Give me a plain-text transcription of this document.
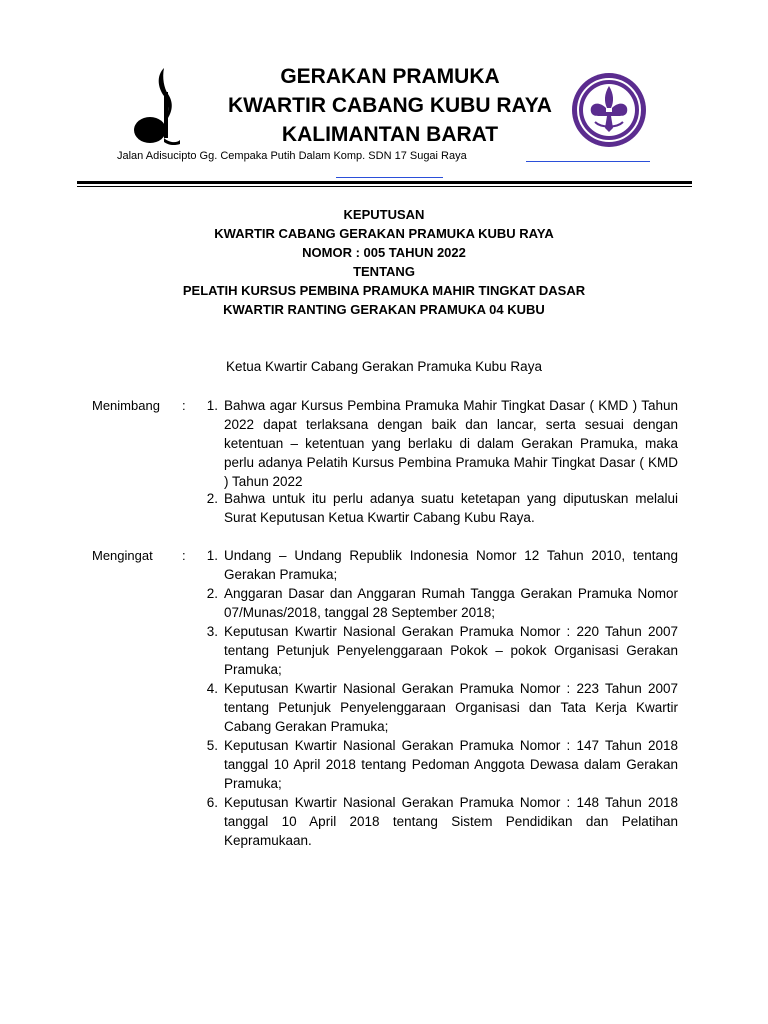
GERAKAN PRAMUKA
KWARTIR CABANG KUBU RAYA
KALIMANTAN BARAT
Jalan Adisucipto Gg. Cempaka Putih Dalam Komp. SDN 17 Sugai Raya
KEPUTUSAN
KWARTIR CABANG GERAKAN PRAMUKA KUBU RAYA
NOMOR : 005 TAHUN 2022
TENTANG
PELATIH KURSUS PEMBINA PRAMUKA MAHIR TINGKAT DASAR
KWARTIR RANTING GERAKAN PRAMUKA 04 KUBU
Ketua Kwartir Cabang Gerakan Pramuka Kubu Raya
Menimbang :	1. Bahwa agar Kursus Pembina Pramuka Mahir Tingkat Dasar ( KMD ) Tahun 2022 dapat terlaksana dengan baik dan lancar, serta sesuai dengan ketentuan – ketentuan yang berlaku di dalam Gerakan Pramuka, maka perlu adanya Pelatih Kursus Pembina Pramuka Mahir Tingkat Dasar ( KMD ) Tahun 2022
2. Bahwa untuk itu perlu adanya suatu ketetapan yang diputuskan melalui Surat Keputusan Ketua Kwartir Cabang Kubu Raya.
Mengingat :	1. Undang – Undang Republik Indonesia Nomor 12 Tahun 2010, tentang Gerakan Pramuka;
2. Anggaran Dasar dan Anggaran Rumah Tangga Gerakan Pramuka Nomor 07/Munas/2018, tanggal 28 September 2018;
3. Keputusan Kwartir Nasional Gerakan Pramuka Nomor : 220 Tahun 2007 tentang Petunjuk Penyelenggaraan Pokok – pokok Organisasi Gerakan Pramuka;
4. Keputusan Kwartir Nasional Gerakan Pramuka Nomor : 223 Tahun 2007 tentang Petunjuk Penyelenggaraan Organisasi dan Tata Kerja Kwartir Cabang Gerakan Pramuka;
5. Keputusan Kwartir Nasional Gerakan Pramuka Nomor : 147 Tahun 2018 tanggal 10 April 2018 tentang Pedoman Anggota Dewasa dalam Gerakan Pramuka;
6. Keputusan Kwartir Nasional Gerakan Pramuka Nomor : 148 Tahun 2018 tanggal 10 April 2018 tentang Sistem Pendidikan dan Pelatihan Kepramukaan.
